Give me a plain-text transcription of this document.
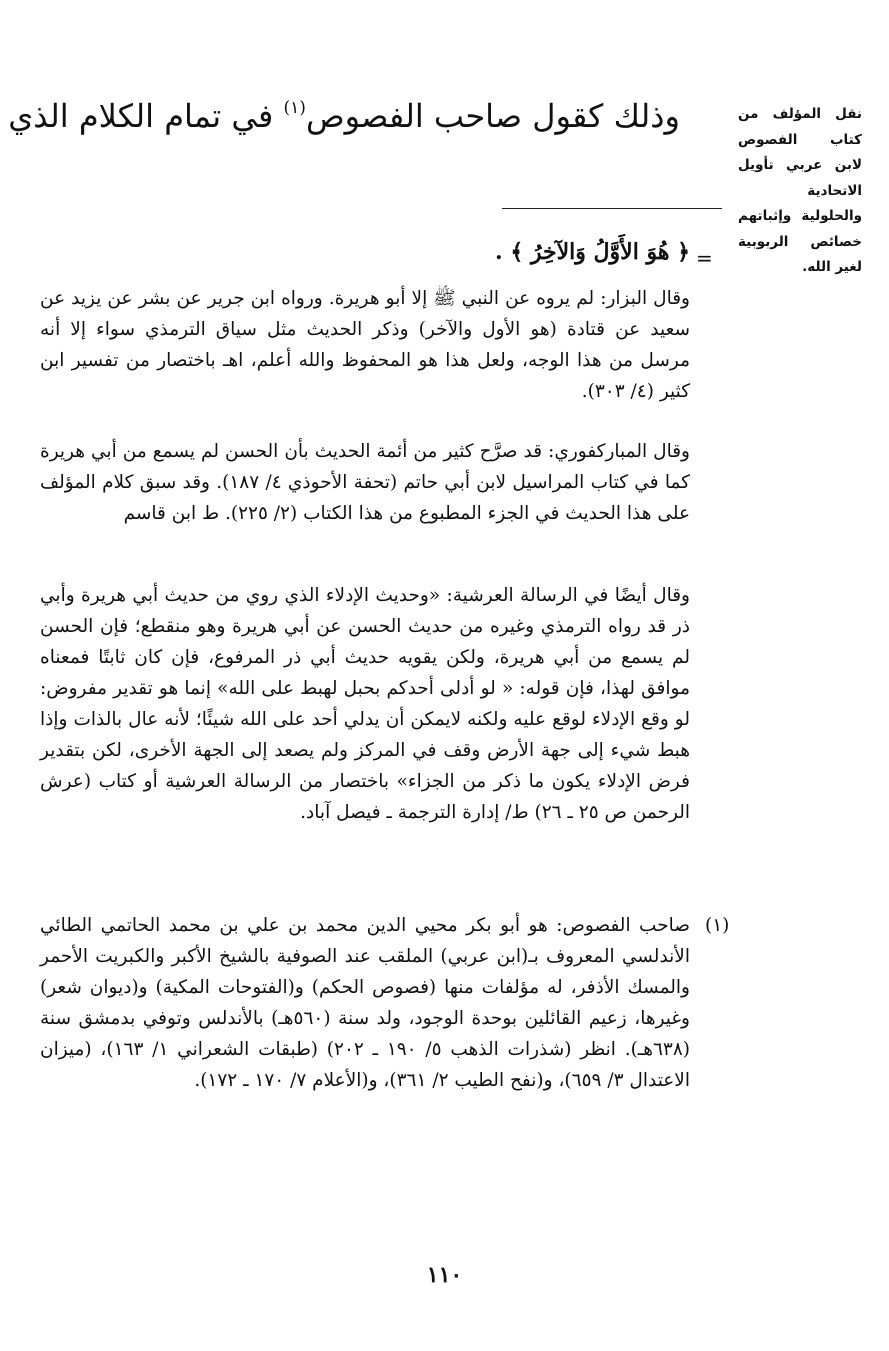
وذلك كقول صاحب الفصوص$^{(١)}$ في تمام الكلام الذي	نقل المؤلف من
كتاب الفصوص
لابن عربي تأويل
الاتحادية
والحلولية وإثباتهم
خصائص الربوبية
لغير الله.
=
﴿ هُوَ الأَوَّلُ وَالآخِرُ ﴾ .

وقال البزار: لم يروه عن النبي ﷺ إلا أبو هريرة. ورواه ابن جرير عن بشر عن يزيد عن سعيد عن قتادة (هو الأول والآخر) وذكر الحديث مثل سياق الترمذي سواء إلا أنه مرسل من هذا الوجه، ولعل هذا هو المحفوظ والله أعلم، اهـ باختصار من تفسير ابن كثير (٤/ ٣٠٣).

وقال المباركفوري: قد صرَّح كثير من أئمة الحديث بأن الحسن لم يسمع من أبي هريرة كما في كتاب المراسيل لابن أبي حاتم (تحفة الأحوذي ٤/ ١٨٧). وقد سبق كلام المؤلف على هذا الحديث في الجزء المطبوع من هذا الكتاب (٢/ ٢٢٥). ط ابن قاسم

وقال أيضًا في الرسالة العرشية: «وحديث الإدلاء الذي روي من حديث أبي هريرة وأبي ذر قد رواه الترمذي وغيره من حديث الحسن عن أبي هريرة وهو منقطع؛ فإن الحسن لم يسمع من أبي هريرة، ولكن يقويه حديث أبي ذر المرفوع، فإن كان ثابتًا فمعناه موافق لهذا، فإن قوله: « لو أدلى أحدكم بحبل لهبط على الله» إنما هو تقدير مفروض: لو وقع الإدلاء لوقع عليه ولكنه لايمكن أن يدلي أحد على الله شيئًا؛ لأنه عال بالذات وإذا هبط شيء إلى جهة الأرض وقف في المركز ولم يصعد إلى الجهة الأخرى، لكن بتقدير فرض الإدلاء يكون ما ذكر من الجزاء» باختصار من الرسالة العرشية أو كتاب (عرش الرحمن ص ٢٥ ـ ٢٦) ط/ إدارة الترجمة ـ فيصل آباد.

(١)

صاحب الفصوص: هو أبو بكر محيي الدين محمد بن علي بن محمد الحاتمي الطائي الأندلسي المعروف بـ(ابن عربي) الملقب عند الصوفية بالشيخ الأكبر والكبريت الأحمر والمسك الأذفر، له مؤلفات منها (فصوص الحكم) و(الفتوحات المكية) و(ديوان شعر) وغيرها، زعيم القائلين بوحدة الوجود، ولد سنة (٥٦٠هـ) بالأندلس وتوفي بدمشق سنة (٦٣٨هـ). انظر (شذرات الذهب ٥/ ١٩٠ ـ ٢٠٢) (طبقات الشعراني ١/ ١٦٣)، (ميزان الاعتدال ٣/ ٦٥٩)، و(نفح الطيب ٢/ ٣٦١)، و(الأعلام ٧/ ١٧٠ ـ ١٧٢).

١١٠
